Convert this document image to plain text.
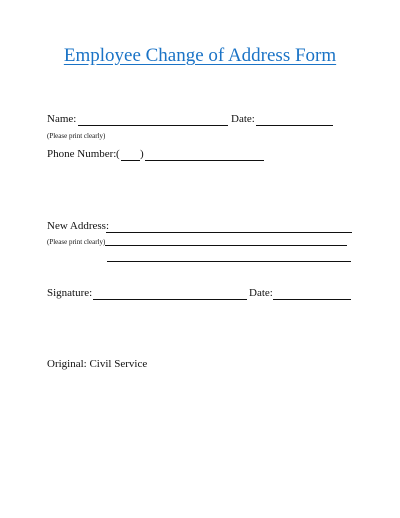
Employee Change of Address Form
Name:	Date:
(Please print clearly)
Phone Number: ( )
New Address:
(Please print clearly)
Signature:	Date:
Original: Civil Service
